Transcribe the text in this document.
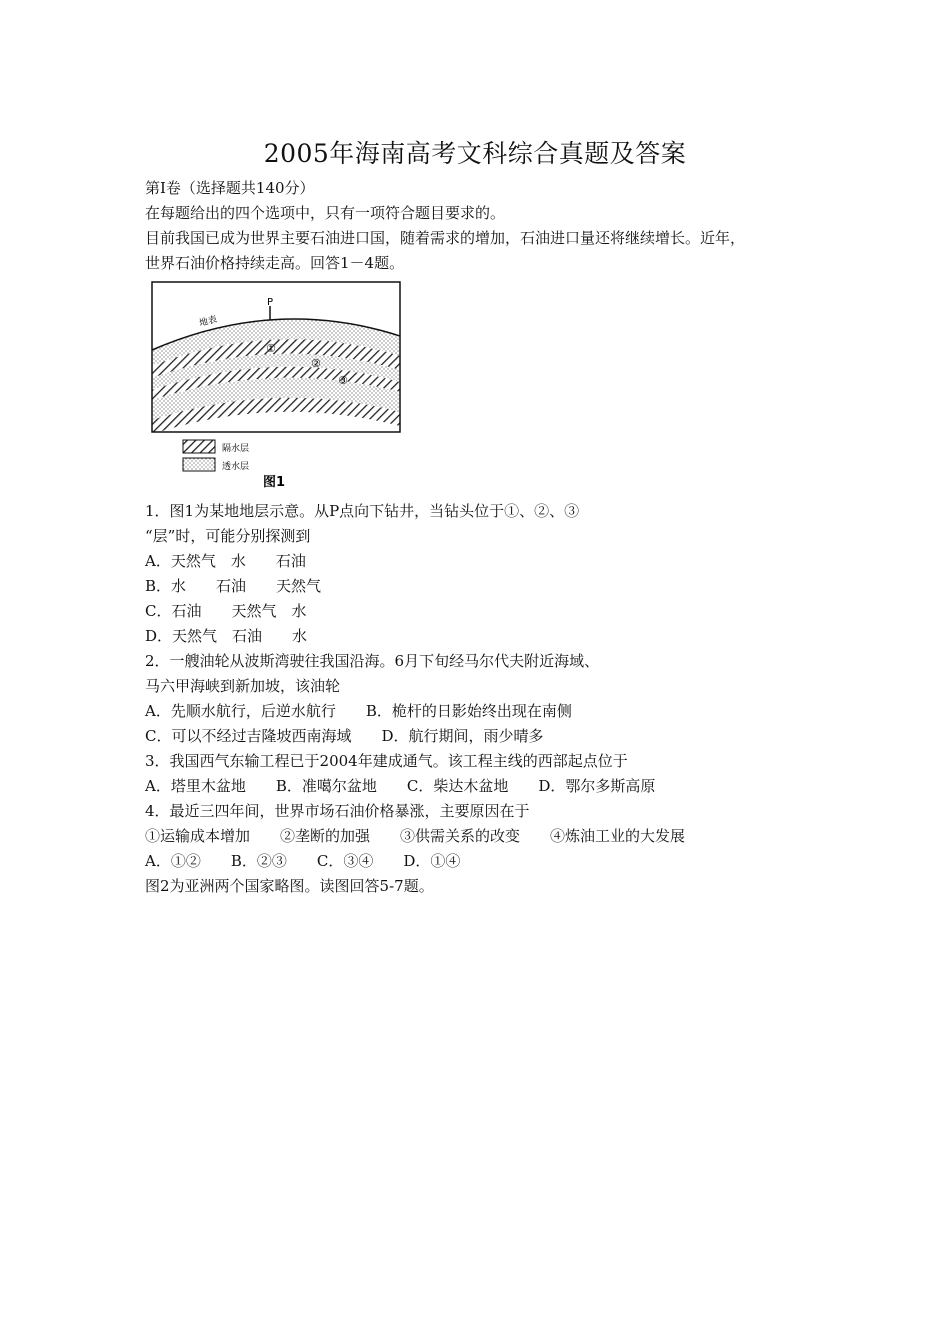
2005年海南高考文科综合真题及答案
第I卷（选择题共140分）
在每题给出的四个选项中，只有一项符合题目要求的。
目前我国已成为世界主要石油进口国，随着需求的增加，石油进口量还将继续增长。近年，
世界石油价格持续走高。回答1－4题。
P
地表
①
②
③
隔水层
透水层
图1
1．图1为某地地层示意。从P点向下钻井，当钻头位于①、②、③
“层”时，可能分别探测到
A．天然气　水　　石油
B．水　　石油　　天然气
C．石油　　天然气　水
D．天然气　石油　　水
2．一艘油轮从波斯湾驶往我国沿海。6月下旬经马尔代夫附近海域、
马六甲海峡到新加坡，该油轮
A．先顺水航行，后逆水航行　　B．桅杆的日影始终出现在南侧
C．可以不经过吉隆坡西南海域　　D．航行期间，雨少晴多
3．我国西气东输工程已于2004年建成通气。该工程主线的西部起点位于
A．塔里木盆地　　B．准噶尔盆地　　C．柴达木盆地　　D．鄂尔多斯高原
4．最近三四年间，世界市场石油价格暴涨，主要原因在于
①运输成本增加　　②垄断的加强　　③供需关系的改变　　④炼油工业的大发展
A．①②　　B．②③　　C．③④　　D．①④
图2为亚洲两个国家略图。读图回答5-7题。
